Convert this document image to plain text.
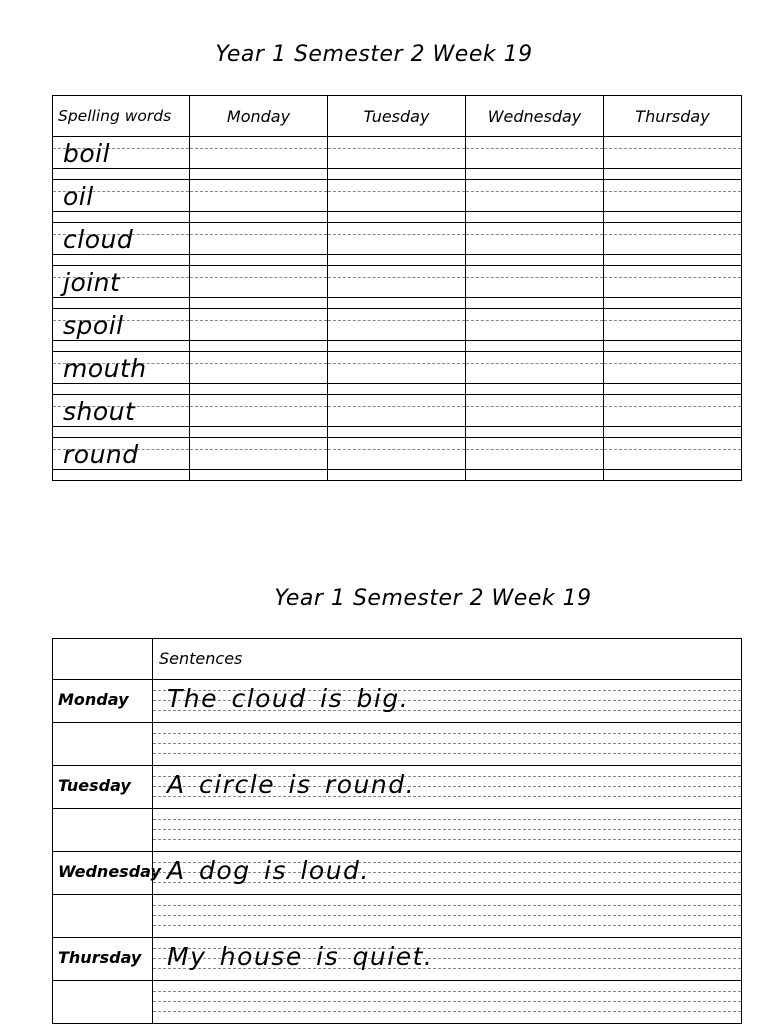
Year 1 Semester 2 Week 19
Spelling words	Monday	Tuesday	Wednesday	Thursday

boil				

oil				

cloud				

joint				

spoil				

mouth				

shout				

round				

Year 1 Semester 2 Week 19

	Sentences

Monday	The cloud is big.

Tuesday	A circle is round.

Wednesday	A dog is loud.

Thursday	My house is quiet.
